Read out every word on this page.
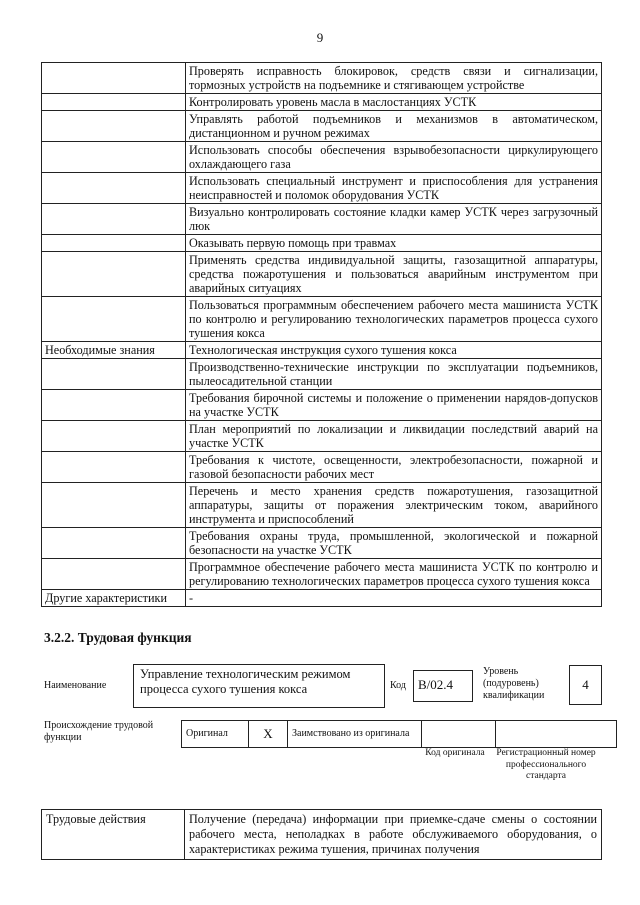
9
	Проверять исправность блокировок, средств связи и сигнализации, тормозных устройств на подъемнике и стягивающем устройстве
	Контролировать уровень масла в маслостанциях УСТК
	Управлять работой подъемников и механизмов в автоматическом, дистанционном и ручном режимах
	Использовать способы обеспечения взрывобезопасности циркулирующего охлаждающего газа
	Использовать специальный инструмент и приспособления для устранения неисправностей и поломок оборудования УСТК
	Визуально контролировать состояние кладки камер УСТК через загрузочный люк
	Оказывать первую помощь при травмах
	Применять средства индивидуальной защиты, газозащитной аппаратуры, средства пожаротушения и пользоваться аварийным инструментом при аварийных ситуациях
	Пользоваться программным обеспечением рабочего места машиниста УСТК по контролю и регулированию технологических параметров процесса сухого тушения кокса
Необходимые знания	Технологическая инструкция сухого тушения кокса
	Производственно-технические инструкции по эксплуатации подъемников, пылеосадительной станции
	Требования бирочной системы и положение о применении нарядов-допусков на участке УСТК
	План мероприятий по локализации и ликвидации последствий аварий на участке УСТК
	Требования к чистоте, освещенности, электробезопасности, пожарной и газовой безопасности рабочих мест
	Перечень и место хранения средств пожаротушения, газозащитной аппаратуры, защиты от поражения электрическим током, аварийного инструмента и приспособлений
	Требования охраны труда, промышленной, экологической и пожарной безопасности на участке УСТК
	Программное обеспечение рабочего места машиниста УСТК по контролю и регулированию технологических параметров процесса сухого тушения кокса
Другие характеристики	-
3.2.2. Трудовая функция
Наименование
Управление технологическим режимом процесса сухого тушения кокса	Код В/02.4
Уровень (подуровень) квалификации
4
Происхождение трудовой функции	Оригинал	X	Заимствовано из оригинала		
Код оригинала	Регистрационный номер профессионального стандарта
Трудовые действия	Получение (передача) информации при приемке-сдаче смены о состоянии рабочего места, неполадках в работе обслуживаемого оборудования, о характеристиках режима тушения, причинах получения
